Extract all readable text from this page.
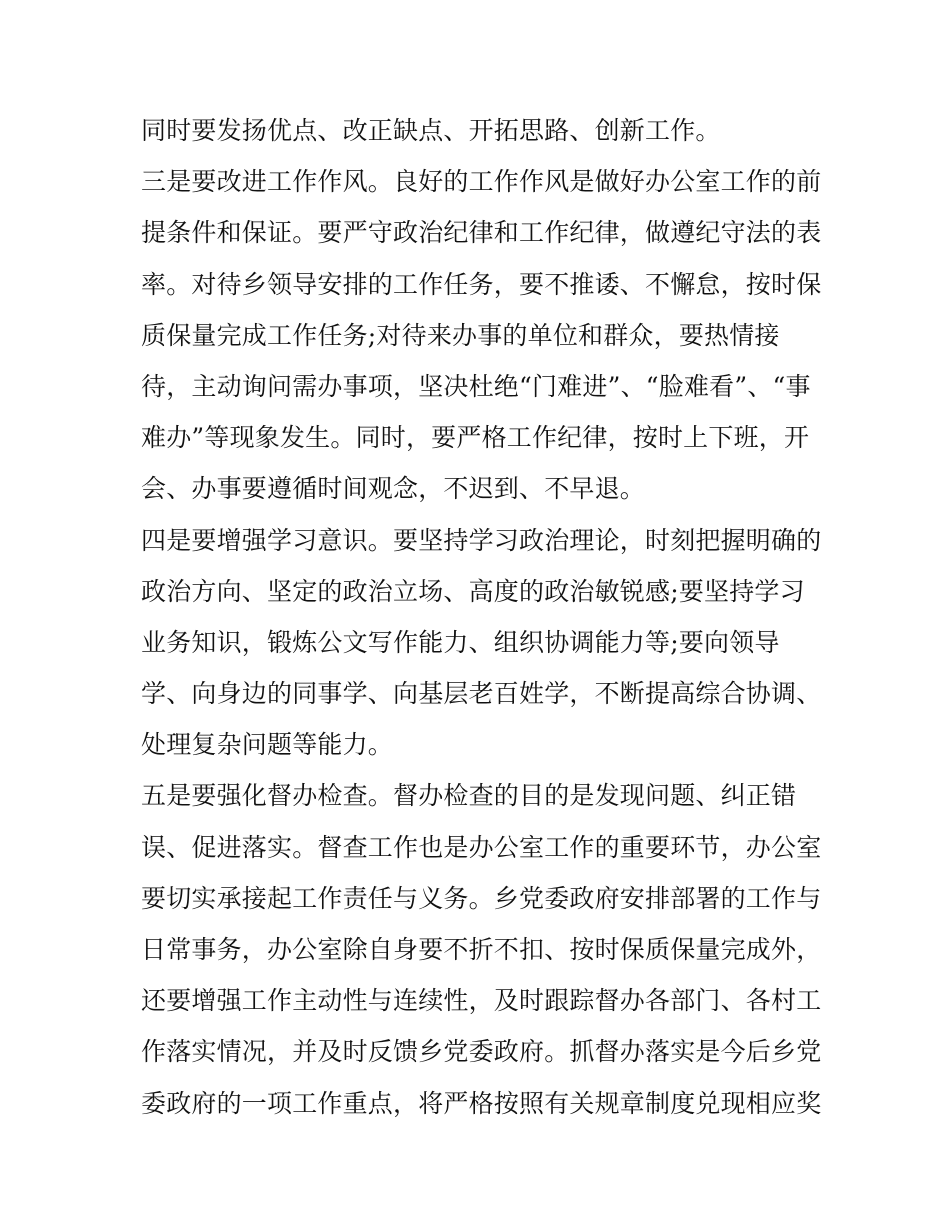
同时要发扬优点、改正缺点、开拓思路、创新工作。
三是要改进工作作风。良好的工作作风是做好办公室工作的前
提条件和保证。要严守政治纪律和工作纪律，做遵纪守法的表
率。对待乡领导安排的工作任务，要不推诿、不懈怠，按时保
质保量完成工作任务;对待来办事的单位和群众，要热情接
待，主动询问需办事项，坚决杜绝“门难进”、“脸难看”、“事
难办”等现象发生。同时，要严格工作纪律，按时上下班，开
会、办事要遵循时间观念，不迟到、不早退。
四是要增强学习意识。要坚持学习政治理论，时刻把握明确的
政治方向、坚定的政治立场、高度的政治敏锐感;要坚持学习
业务知识，锻炼公文写作能力、组织协调能力等;要向领导
学、向身边的同事学、向基层老百姓学，不断提高综合协调、
处理复杂问题等能力。
五是要强化督办检查。督办检查的目的是发现问题、纠正错
误、促进落实。督查工作也是办公室工作的重要环节，办公室
要切实承接起工作责任与义务。乡党委政府安排部署的工作与
日常事务，办公室除自身要不折不扣、按时保质保量完成外，
还要增强工作主动性与连续性，及时跟踪督办各部门、各村工
作落实情况，并及时反馈乡党委政府。抓督办落实是今后乡党
委政府的一项工作重点，将严格按照有关规章制度兑现相应奖
